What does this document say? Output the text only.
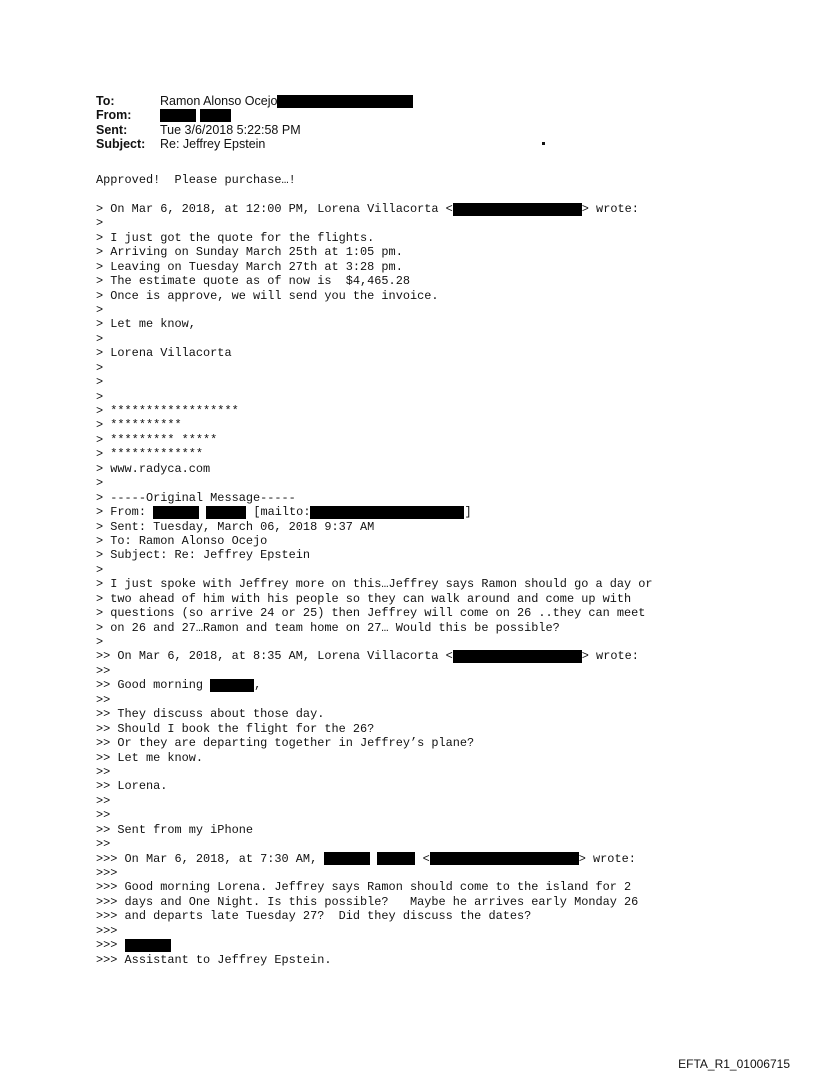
To:	Ramon Alonso Ocejo
From:
Sent:	Tue 3/6/2018 5:22:58 PM
Subject:	Re: Jeffrey Epstein
Approved!  Please purchase…!
> On Mar 6, 2018, at 12:00 PM, Lorena Villacorta <	> wrote:
>
> I just got the quote for the flights.
> Arriving on Sunday March 25th at 1:05 pm.
> Leaving on Tuesday March 27th at 3:28 pm.
> The estimate quote as of now is  $4,465.28
> Once is approve, we will send you the invoice.
>
> Let me know,
>
> Lorena Villacorta
>
>
>
> ******************
> **********
> ********* *****
> *************
> www.radyca.com
>
> -----Original Message-----
> From:
	[mailto:	]
> Sent: Tuesday, March 06, 2018 9:37 AM
> To: Ramon Alonso Ocejo
> Subject: Re: Jeffrey Epstein
>
> I just spoke with Jeffrey more on this…Jeffrey says Ramon should go a day or
> two ahead of him with his people so they can walk around and come up with
> questions (so arrive 24 or 25) then Jeffrey will come on 26 ..they can meet
> on 26 and 27…Ramon and team home on 27… Would this be possible?
>
>> On Mar 6, 2018, at 8:35 AM, Lorena Villacorta <	> wrote:
>>
>> Good morning	,
>>
>> They discuss about those day.
>> Should I book the flight for the 26?
>> Or they are departing together in Jeffrey’s plane?
>> Let me know.
>>
>> Lorena.
>>
>>
>> Sent from my iPhone
>>
>>> On Mar 6, 2018, at 7:30 AM,
	<	> wrote:
>>>
>>> Good morning Lorena. Jeffrey says Ramon should come to the island for 2
>>> days and One Night. Is this possible?   Maybe he arrives early Monday 26
>>> and departs late Tuesday 27?  Did they discuss the dates?
>>>
>>>
>>> Assistant to Jeffrey Epstein.
EFTA_R1_01006715
